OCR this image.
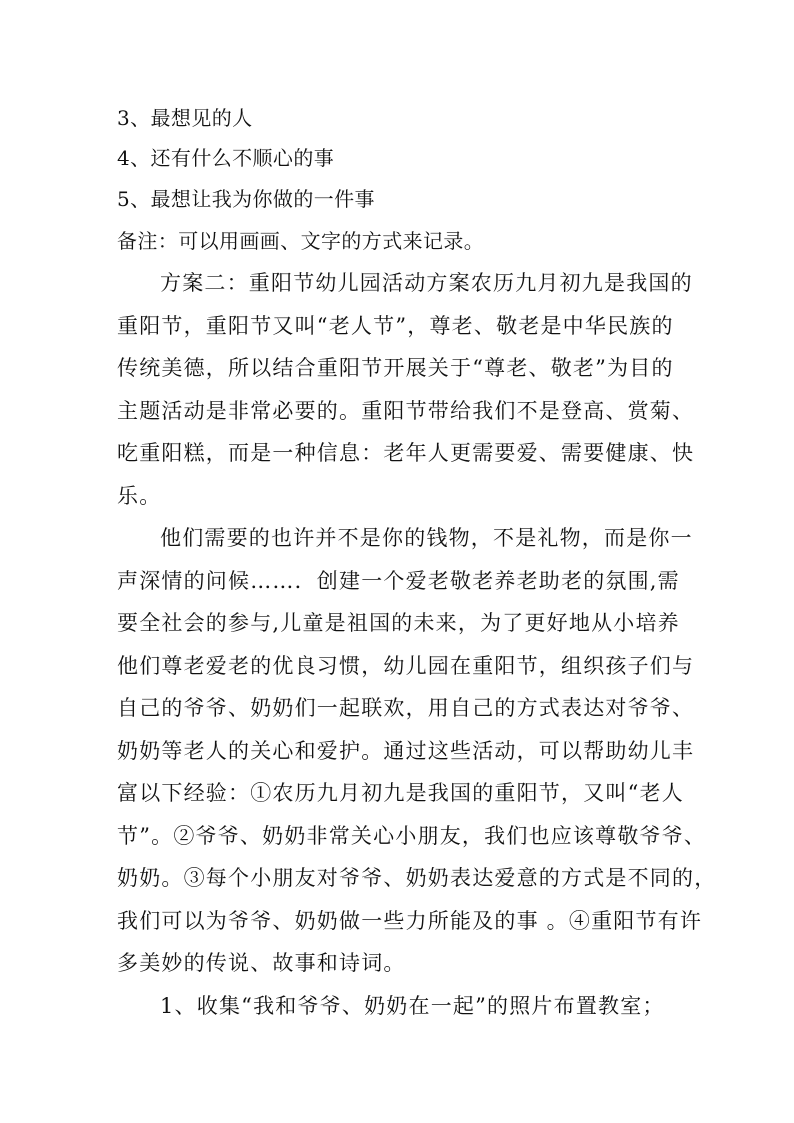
3、最想见的人
4、还有什么不顺心的事
5、最想让我为你做的一件事
备注：可以用画画、文字的方式来记录。
方案二：重阳节幼儿园活动方案农历九月初九是我国的
重阳节，重阳节又叫“老人节”，尊老、敬老是中华民族的
传统美德，所以结合重阳节开展关于“尊老、敬老”为目的
主题活动是非常必要的。重阳节带给我们不是登高、赏菊、
吃重阳糕，而是一种信息：老年人更需要爱、需要健康、快
乐。
他们需要的也许并不是你的钱物，不是礼物，而是你一
声深情的问候……．创建一个爱老敬老养老助老的氛围,需
要全社会的参与,儿童是祖国的未来，为了更好地从小培养
他们尊老爱老的优良习惯，幼儿园在重阳节，组织孩子们与
自己的爷爷、奶奶们一起联欢，用自己的方式表达对爷爷、
奶奶等老人的关心和爱护。通过这些活动，可以帮助幼儿丰
富以下经验：①农历九月初九是我国的重阳节，又叫“老人
节”。②爷爷、奶奶非常关心小朋友，我们也应该尊敬爷爷、
奶奶。③每个小朋友对爷爷、奶奶表达爱意的方式是不同的，
我们可以为爷爷、奶奶做一些力所能及的事 。④重阳节有许
多美妙的传说、故事和诗词。
1、收集“我和爷爷、奶奶在一起”的照片布置教室；
